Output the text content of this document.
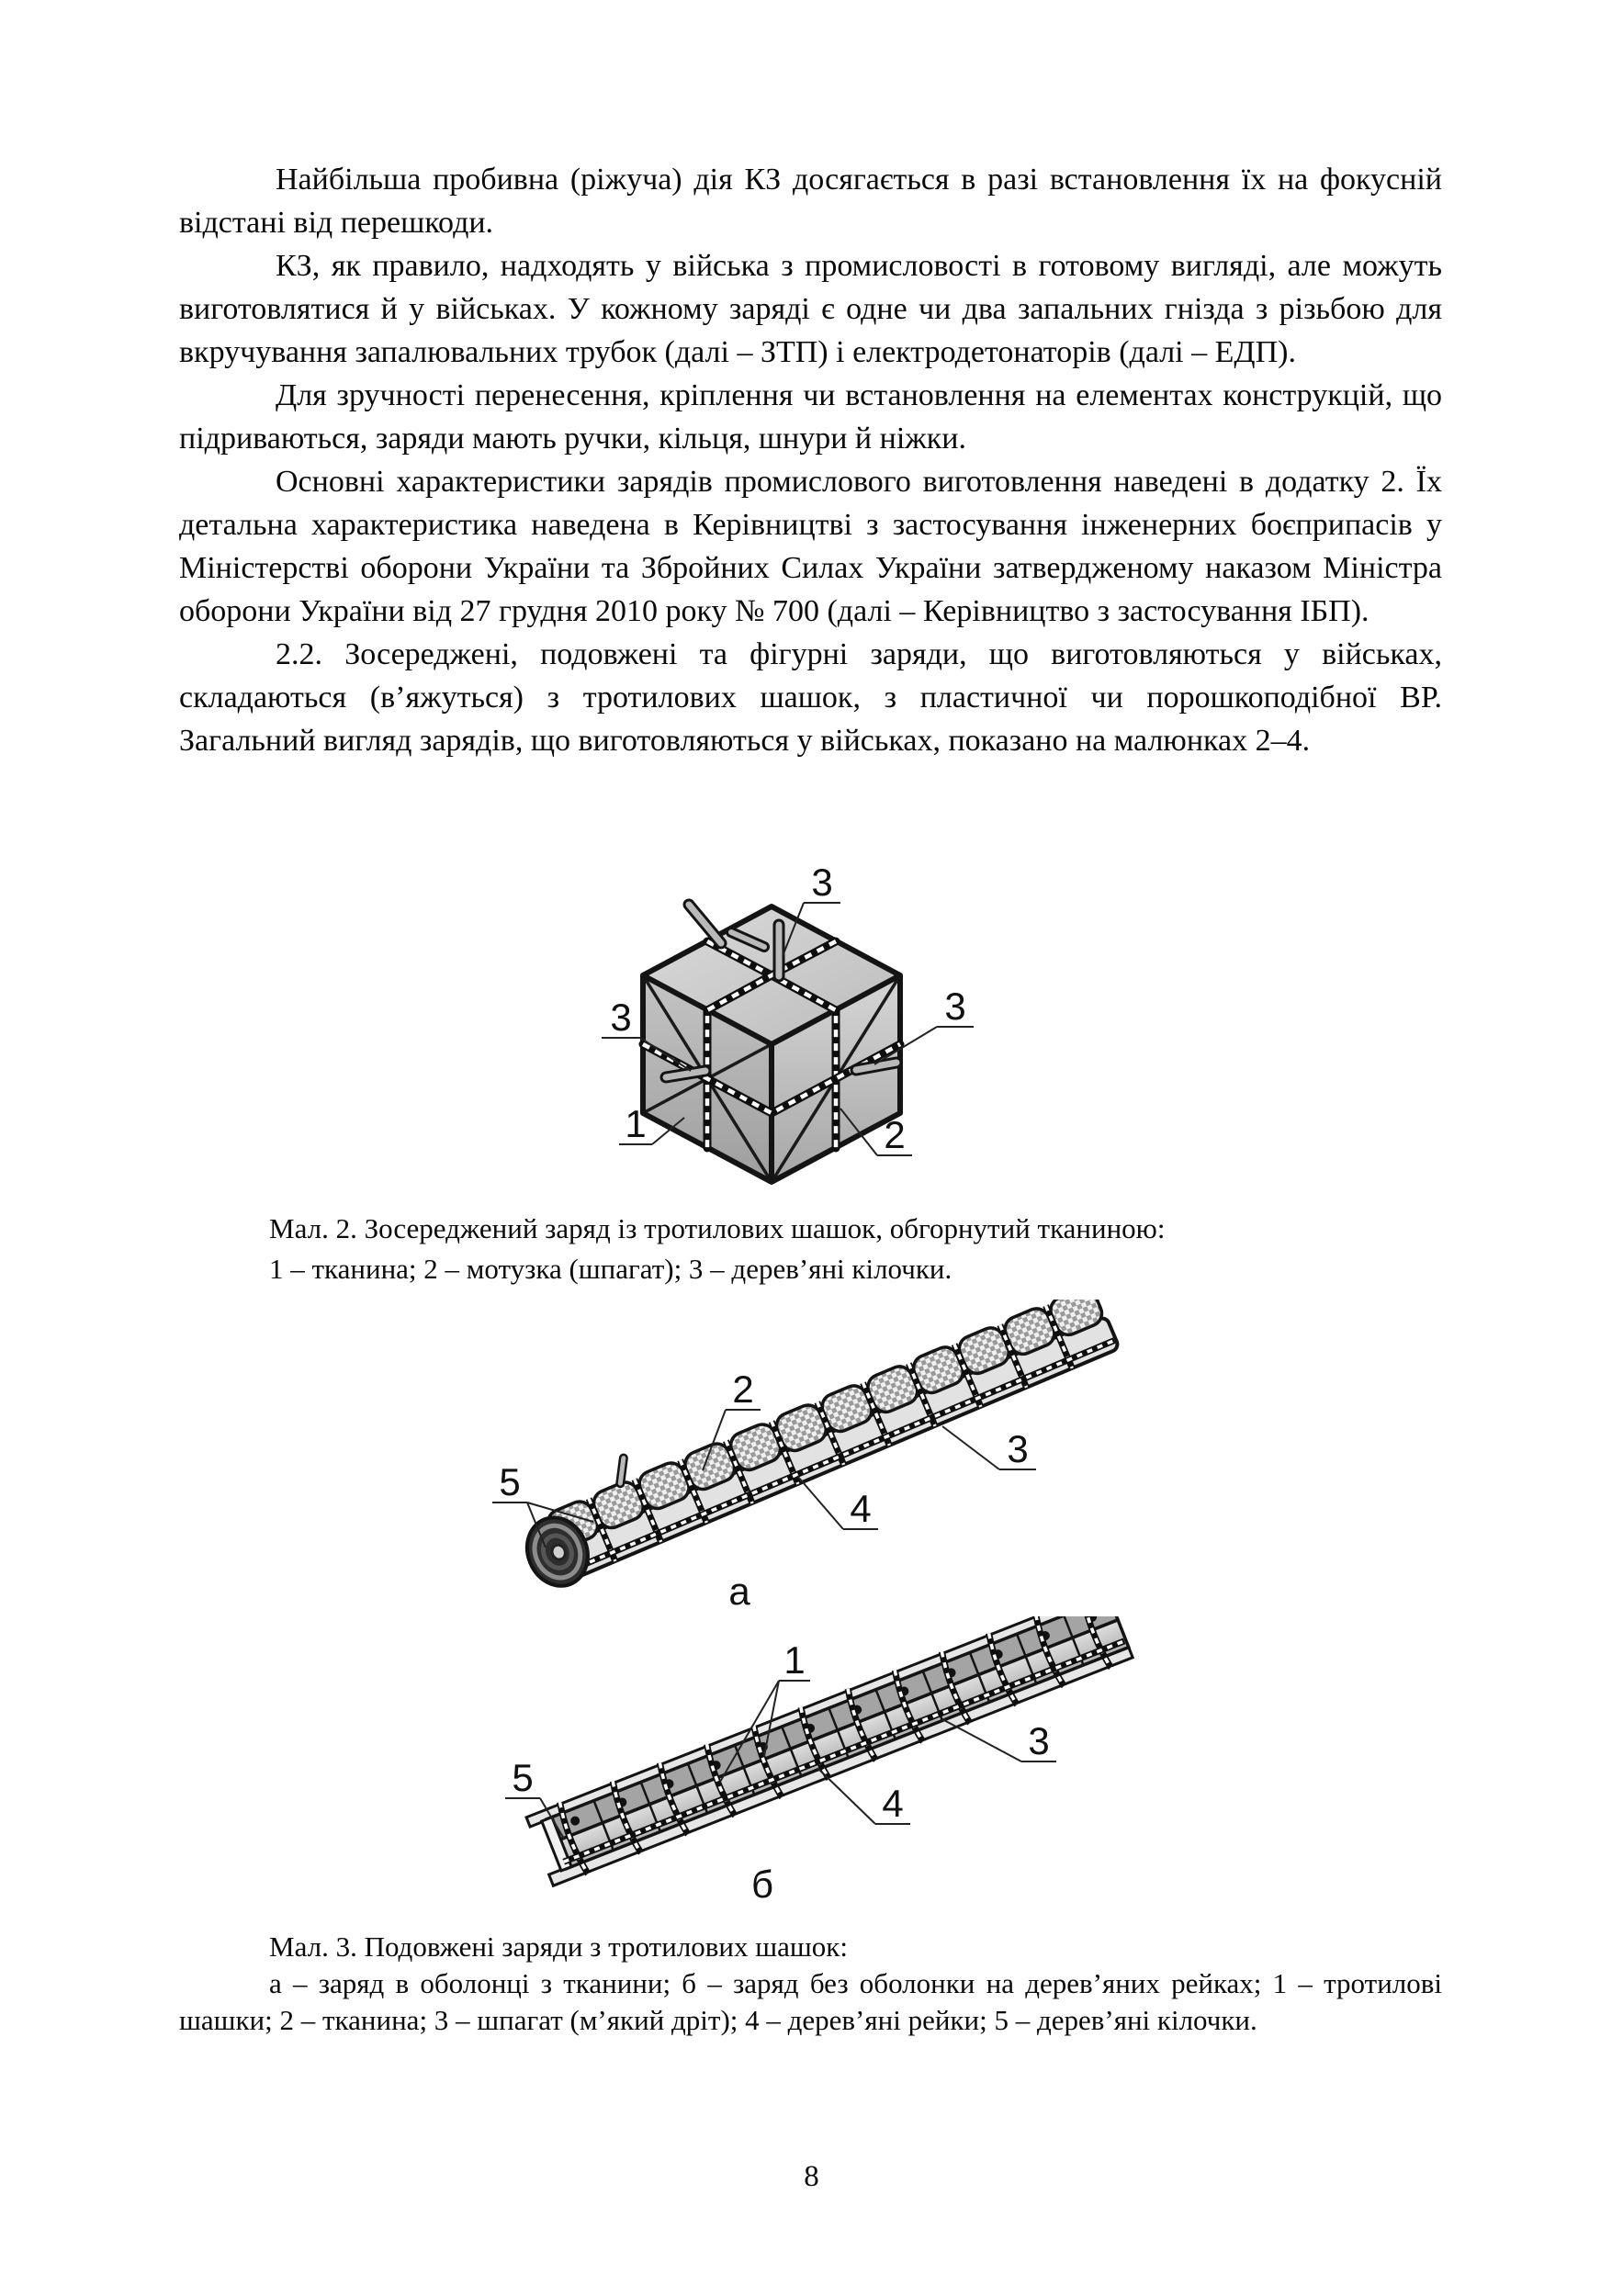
Найбільша пробивна (ріжуча) дія КЗ досягається в разі встановлення їх на фокусній відстані від перешкоди.

КЗ, як правило, надходять у війська з промисловості в готовому вигляді, але можуть виготовлятися й у військах. У кожному заряді є одне чи два запальних гнізда з різьбою для вкручування запалювальних трубок (далі – ЗТП) і електродетонаторів (далі – ЕДП).

Для зручності перенесення, кріплення чи встановлення на елементах конструкцій, що підриваються, заряди мають ручки, кільця, шнури й ніжки.

Основні характеристики зарядів промислового виготовлення наведені в додатку 2. Їх детальна характеристика наведена в Керівництві з застосування інженерних боєприпасів у Міністерстві оборони України та Збройних Силах України затвердженому наказом Міністра оборони України від 27 грудня 2010 року № 700 (далі – Керівництво з застосування ІБП).

2.2. Зосереджені, подовжені та фігурні заряди, що виготовляються у військах, складаються (в’яжуться) з тротилових шашок, з пластичної чи порошкоподібної ВР. Загальний вигляд зарядів, що виготовляються у військах, показано на малюнках 2–4.

3
3	3
1	2
Мал. 2. Зосереджений заряд із тротилових шашок, обгорнутий тканиною:
1 – тканина; 2 – мотузка (шпагат); 3 – дерев’яні кілочки.
2
3
4
5
а
1
3
4
5
б
Мал. 3. Подовжені заряди з тротилових шашок:
а – заряд в оболонці з тканини; б – заряд без оболонки на дерев’яних рейках; 1 – тротилові шашки; 2 – тканина; 3 – шпагат (м’який дріт); 4 – дерев’яні рейки; 5 – дерев’яні кілочки.
8
